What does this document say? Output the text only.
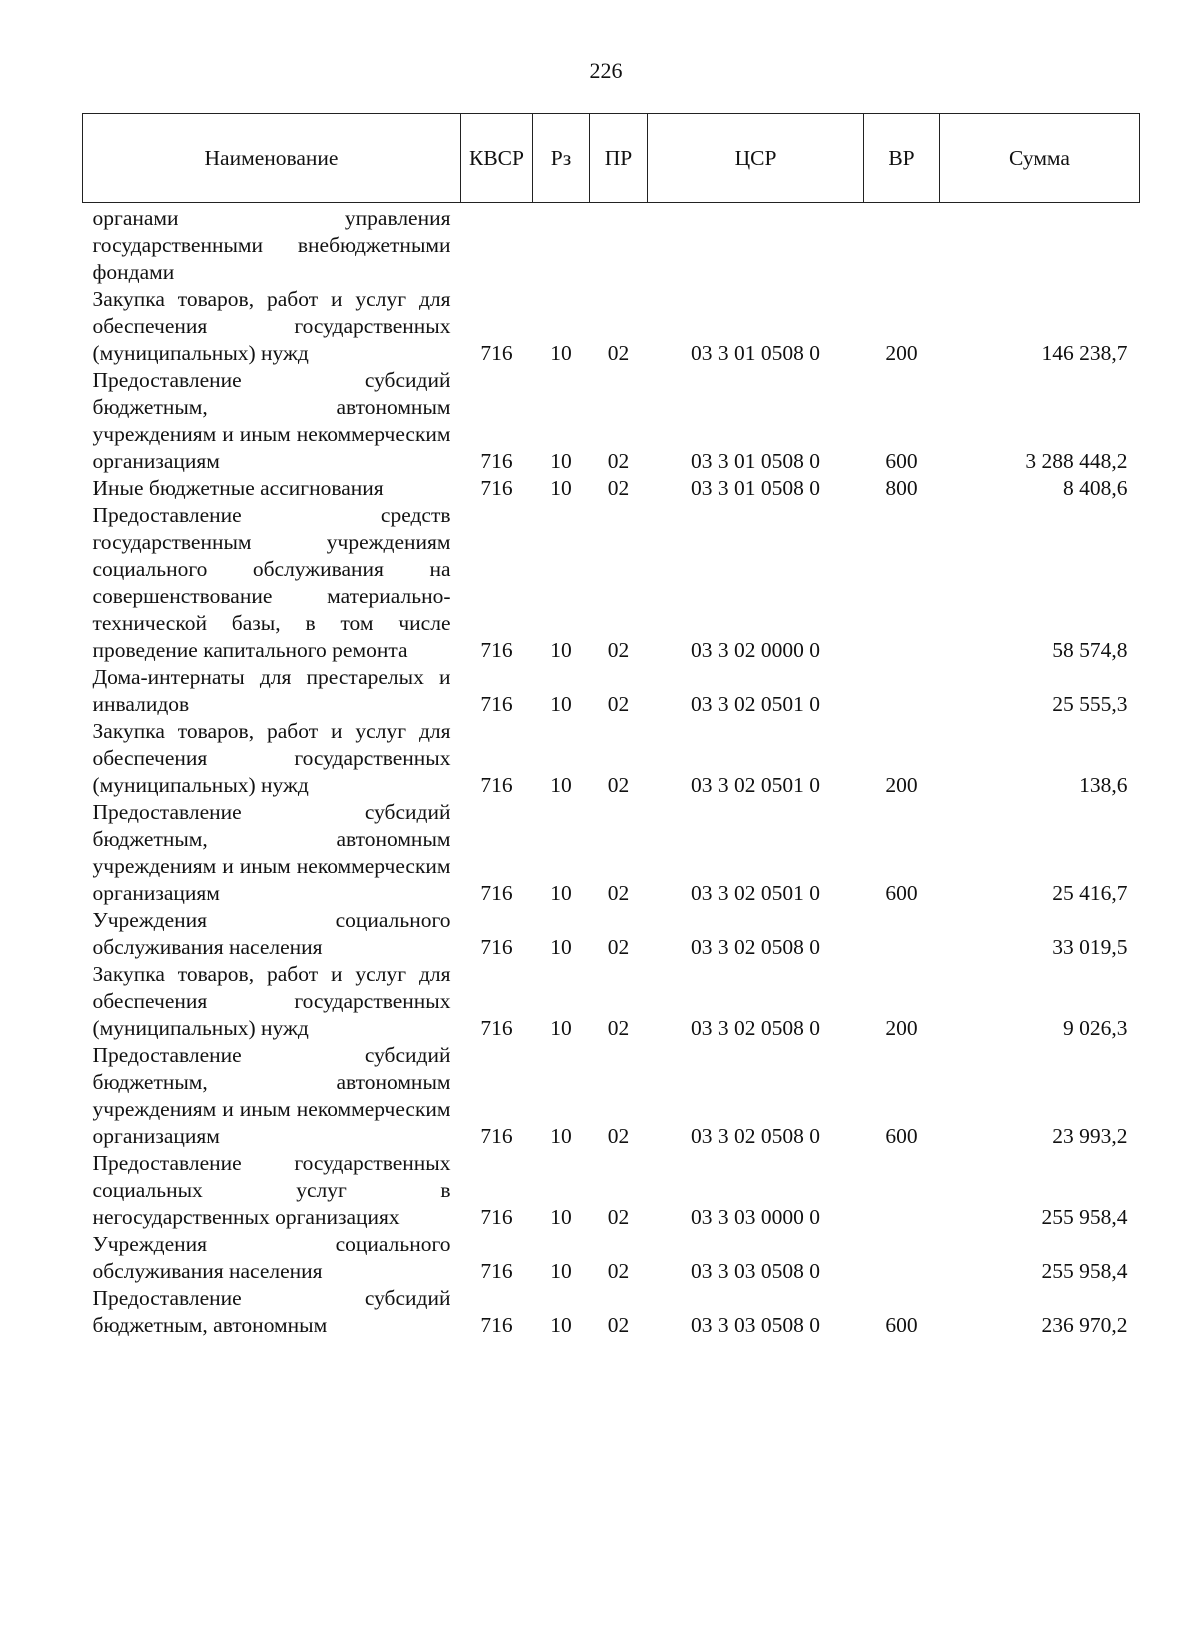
226
Наименование	КВСР	Рз	ПР	ЦСР	ВР	Сумма
органами управления государственными внебюджетными фондами						
Закупка товаров, работ и услуг для обеспечения государственных (муниципальных) нужд	716	10	02	03 3 01 0508 0	200	146 238,7
Предоставление субсидий бюджетным, автономным учреждениям и иным некоммерческим организациям	716	10	02	03 3 01 0508 0	600	3 288 448,2
Иные бюджетные ассигнования	716	10	02	03 3 01 0508 0	800	8 408,6
Предоставление средств государственным учреждениям социального обслуживания на совершенствование материально-технической базы, в том числе проведение капитального ремонта	716	10	02	03 3 02 0000 0		58 574,8
Дома-интернаты для престарелых и инвалидов	716	10	02	03 3 02 0501 0		25 555,3
Закупка товаров, работ и услуг для обеспечения государственных (муниципальных) нужд	716	10	02	03 3 02 0501 0	200	138,6
Предоставление субсидий бюджетным, автономным учреждениям и иным некоммерческим организациям	716	10	02	03 3 02 0501 0	600	25 416,7
Учреждения социального обслуживания населения	716	10	02	03 3 02 0508 0		33 019,5
Закупка товаров, работ и услуг для обеспечения государственных (муниципальных) нужд	716	10	02	03 3 02 0508 0	200	9 026,3
Предоставление субсидий бюджетным, автономным учреждениям и иным некоммерческим организациям	716	10	02	03 3 02 0508 0	600	23 993,2
Предоставление государственных социальных услуг в негосударственных организациях	716	10	02	03 3 03 0000 0		255 958,4
Учреждения социального обслуживания населения	716	10	02	03 3 03 0508 0		255 958,4
Предоставление субсидий бюджетным, автономным	716	10	02	03 3 03 0508 0	600	236 970,2
